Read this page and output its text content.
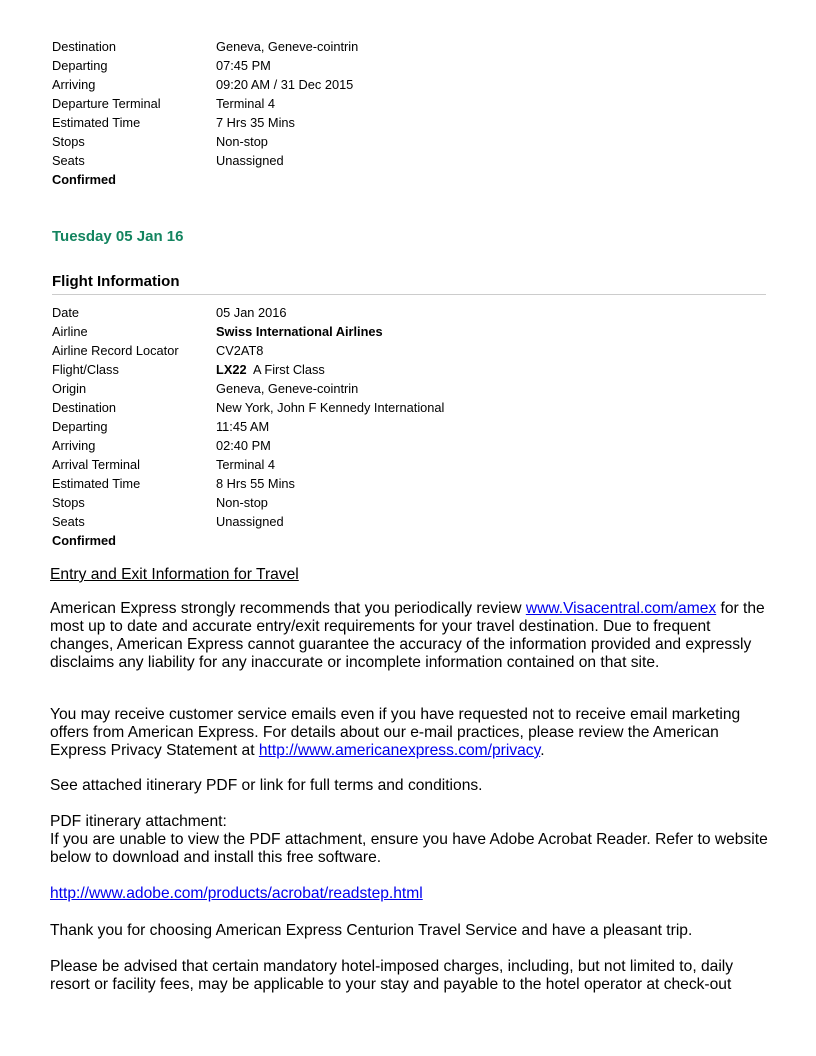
Destination	Geneva, Geneve-cointrin
Departing	07:45 PM
Arriving	09:20 AM / 31 Dec 2015
Departure Terminal	Terminal 4
Estimated Time	7 Hrs 35 Mins
Stops	Non-stop
Seats	Unassigned
Confirmed
Tuesday 05 Jan 16
Flight Information
Date	05 Jan 2016
Airline	Swiss International Airlines
Airline Record Locator	CV2AT8
Flight/Class	LX22 A First Class
Origin	Geneva, Geneve-cointrin
Destination	New York, John F Kennedy International
Departing	11:45 AM
Arriving	02:40 PM
Arrival Terminal	Terminal 4
Estimated Time	8 Hrs 55 Mins
Stops	Non-stop
Seats	Unassigned
Confirmed
Entry and Exit Information for Travel
American Express strongly recommends that you periodically review www.Visacentral.com/amex for the most up to date and accurate entry/exit requirements for your travel destination. Due to frequent changes, American Express cannot guarantee the accuracy of the information provided and expressly disclaims any liability for any inaccurate or incomplete information contained on that site.
You may receive customer service emails even if you have requested not to receive email marketing offers from American Express. For details about our e-mail practices, please review the American Express Privacy Statement at http://www.americanexpress.com/privacy.
See attached itinerary PDF or link for full terms and conditions.
PDF itinerary attachment:
If you are unable to view the PDF attachment, ensure you have Adobe Acrobat Reader. Refer to website below to download and install this free software.
http://www.adobe.com/products/acrobat/readstep.html
Thank you for choosing American Express Centurion Travel Service and have a pleasant trip.
Please be advised that certain mandatory hotel-imposed charges, including, but not limited to, daily resort or facility fees, may be applicable to your stay and payable to the hotel operator at check-out
